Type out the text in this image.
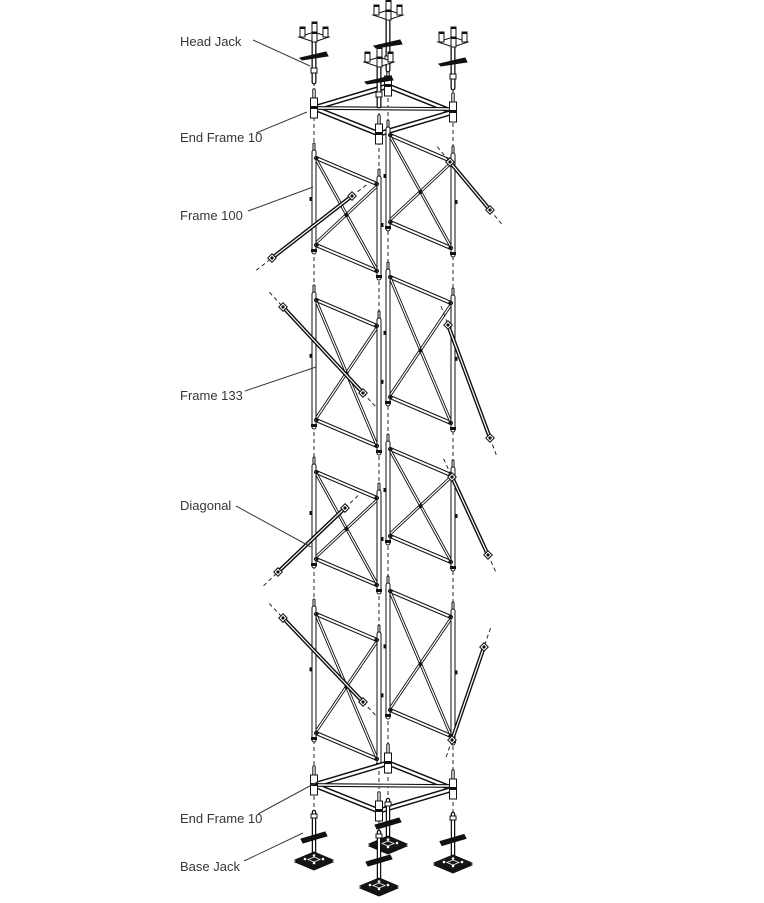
Head Jack
End Frame 10
Frame 100
Frame 133
Diagonal
End Frame 10
Base Jack
